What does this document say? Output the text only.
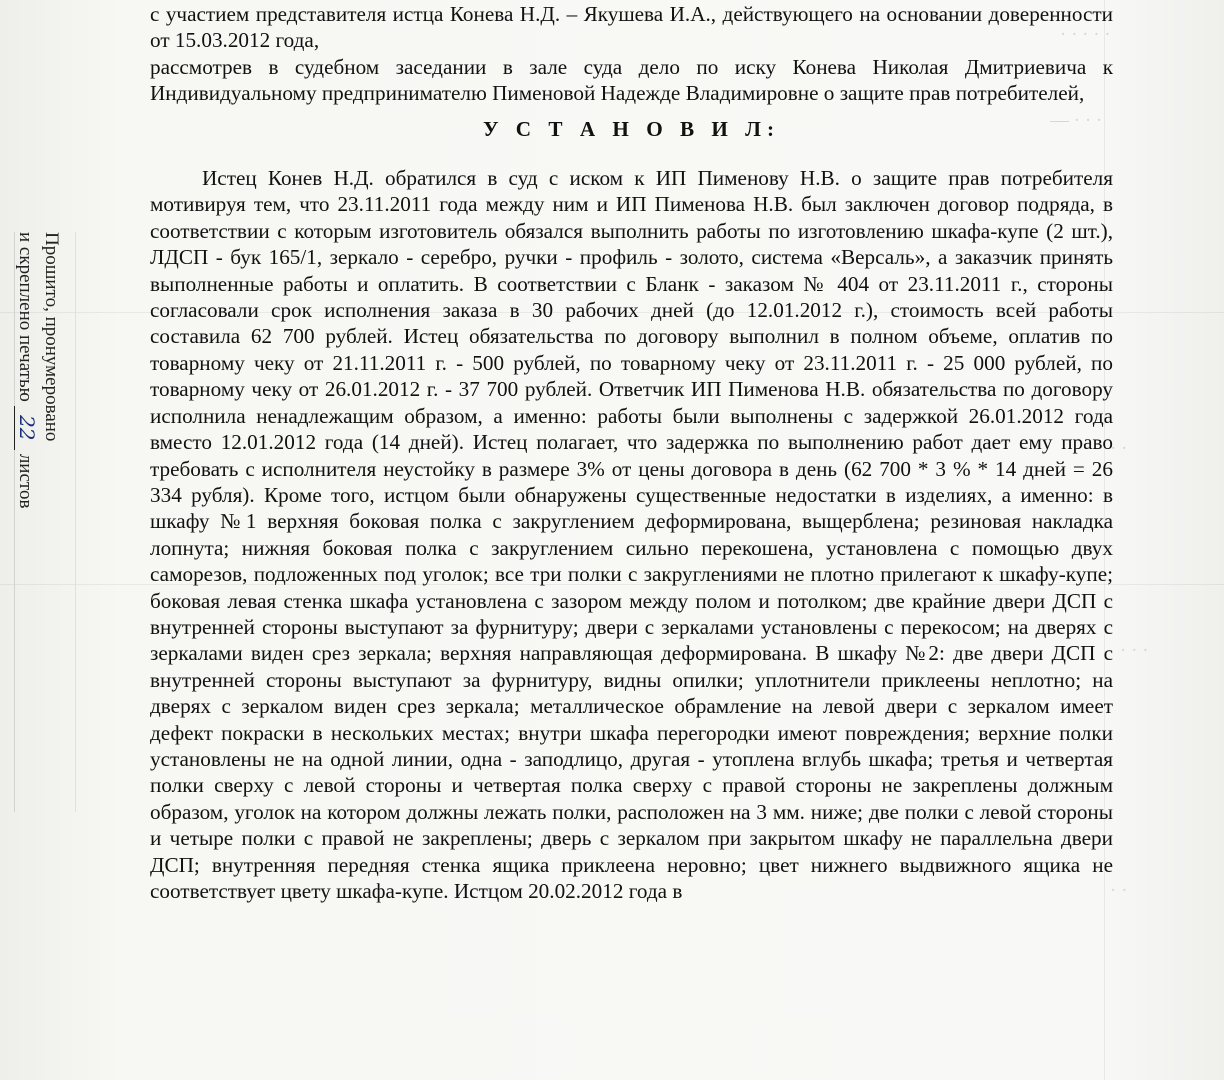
· · · · ·
— · · ·
· ·
· · ·
· ·
Прошито, пронумеровано
и скреплено печатью22листов

с участием представителя истца Конева Н.Д. – Якушева И.А., действующего на основании доверенности от 15.03.2012 года,

рассмотрев в судебном заседании в зале суда дело по иску Конева Николая Дмитриевича к Индивидуальному предпринимателю Пименовой Надежде Владимировне о защите прав потребителей,

У С Т А Н О В И Л:

Истец Конев Н.Д. обратился в суд с иском к ИП Пименову Н.В. о защите прав потребителя мотивируя тем, что 23.11.2011 года между ним и ИП Пименова Н.В. был заключен договор подряда, в соответствии с которым изготовитель обязался выполнить работы по изготовлению шкафа-купе (2 шт.), ЛДСП - бук 165/1, зеркало - серебро, ручки - профиль - золото, система «Версаль», а заказчик принять выполненные работы и оплатить. В соответствии с Бланк - заказом № 404 от 23.11.2011 г., стороны согласовали срок исполнения заказа в 30 рабочих дней (до 12.01.2012 г.), стоимость всей работы составила 62 700 рублей. Истец обязательства по договору выполнил в полном объеме, оплатив по товарному чеку от 21.11.2011 г. - 500 рублей, по товарному чеку от 23.11.2011 г. - 25 000 рублей, по товарному чеку от 26.01.2012 г. - 37 700 рублей. Ответчик ИП Пименова Н.В. обязательства по договору исполнила ненадлежащим образом, а именно: работы были выполнены с задержкой 26.01.2012 года вместо 12.01.2012 года (14 дней). Истец полагает, что задержка по выполнению работ дает ему право требовать с исполнителя неустойку в размере 3% от цены договора в день (62 700 * 3 % * 14 дней = 26 334 рубля). Кроме того, истцом были обнаружены существенные недостатки в изделиях, а именно: в шкафу №1 верхняя боковая полка с закруглением деформирована, выщерблена; резиновая накладка лопнута; нижняя боковая полка с закруглением сильно перекошена, установлена с помощью двух саморезов, подложенных под уголок; все три полки с закруглениями не плотно прилегают к шкафу-купе; боковая левая стенка шкафа установлена с зазором между полом и потолком; две крайние двери ДСП с внутренней стороны выступают за фурнитуру; двери с зеркалами установлены с перекосом; на дверях с зеркалами виден срез зеркала; верхняя направляющая деформирована. В шкафу №2: две двери ДСП с внутренней стороны выступают за фурнитуру, видны опилки; уплотнители приклеены неплотно; на дверях с зеркалом виден срез зеркала; металлическое обрамление на левой двери с зеркалом имеет дефект покраски в нескольких местах; внутри шкафа перегородки имеют повреждения; верхние полки установлены не на одной линии, одна - заподлицо, другая - утоплена вглубь шкафа; третья и четвертая полки сверху с левой стороны и четвертая полка сверху с правой стороны не закреплены должным образом, уголок на котором должны лежать полки, расположен на 3 мм. ниже; две полки с левой стороны и четыре полки с правой не закреплены; дверь с зеркалом при закрытом шкафу не параллельна двери ДСП; внутренняя передняя стенка ящика приклеена неровно; цвет нижнего выдвижного ящика не соответствует цвету шкафа-купе. Истцом 20.02.2012 года в
